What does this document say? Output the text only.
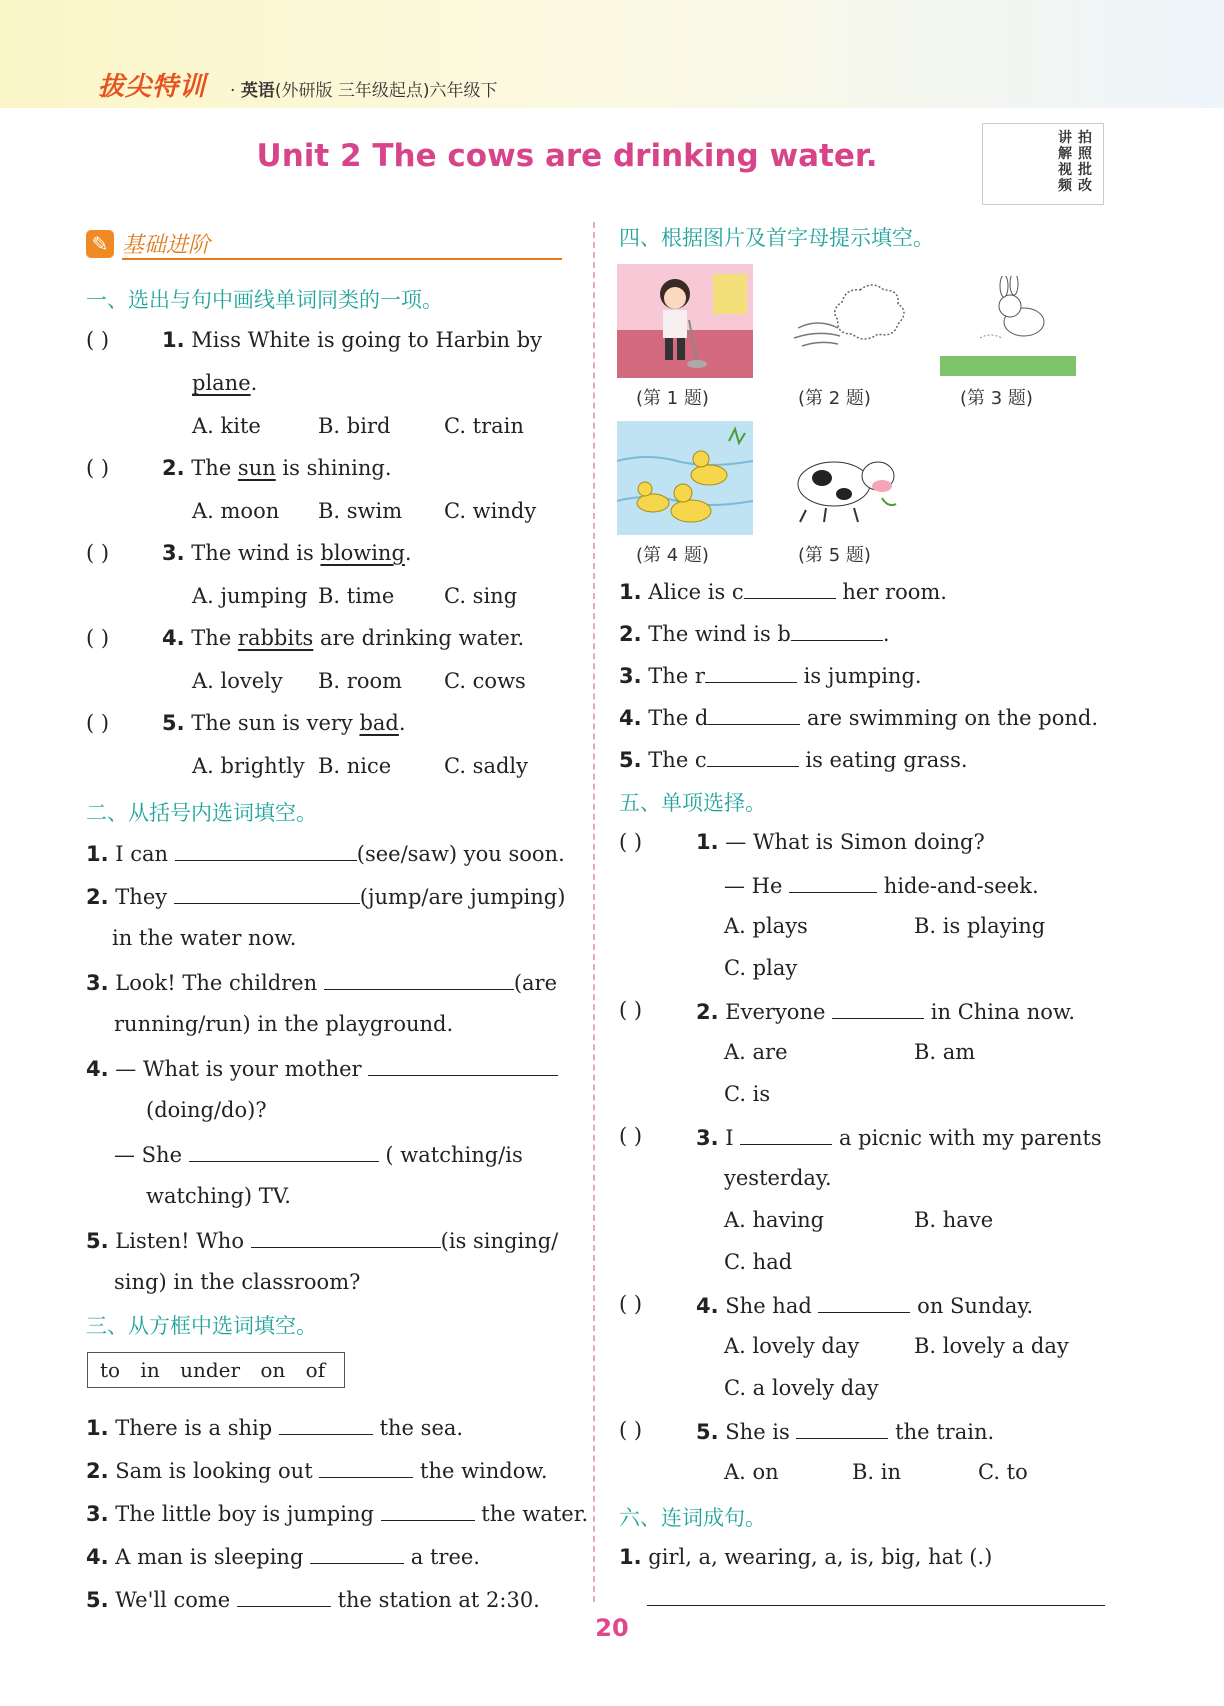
拔尖特训 · 英语(外研版 三年级起点)六年级下
Unit 2 The cows are drinking water.	讲 拍
解 照
视 批
频 改
✎ 基础进阶
一、选出与句中画线单词同类的一项。
( )	1. Miss White is going to Harbin by
plane.
A. kite	B. bird	C. train
( )	2. The sun is shining.
A. moon B. swim C. windy
( )	3. The wind is blowing.
A. jumping B. time C. sing
( )	4. The rabbits are drinking water.
A. lovely B. room C. cows
( )	5. The sun is very bad.
A. brightly B. nice	C. sadly
二、从括号内选词填空。
1. I can	(see/saw) you soon.
2. They	(jump/are jumping)
in the water now.
3. Look! The children	(are
running/run) in the playground.
4. — What is your mother
(doing/do)?
— She	( watching/is
watching) TV.
5. Listen! Who	(is singing/
sing) in the classroom?
三、从方框中选词填空。
to in under on of
1. There is a ship	the sea.
2. Sam is looking out	the window.
3. The little boy is jumping	the water.
4. A man is sleeping	a tree.
5. We'll come	the station at 2:30.
四、根据图片及首字母提示填空。
(第 1 题)	(第 2 题)	(第 3 题)
(第 4 题)	(第 5 题)
1. Alice is c	her room.
2. The wind is b	.
3. The r	is jumping.
4. The d	are swimming on the pond.
5. The c	is eating grass.
五、单项选择。
( )	1. — What is Simon doing?
— He	hide-and-seek.
A. plays	B. is playing
C. play
( )	2. Everyone	in China now.
A. are	B. am
C. is
( )	3. I	a picnic with my parents
yesterday.
A. having	B. have
C. had
( )	4. She had	on Sunday.
A. lovely day	B. lovely a day
C. a lovely day
( )	5. She is	the train.
A. on	B. in	C. to
六、连词成句。
1. girl, a, wearing, a, is, big, hat (.)
20
